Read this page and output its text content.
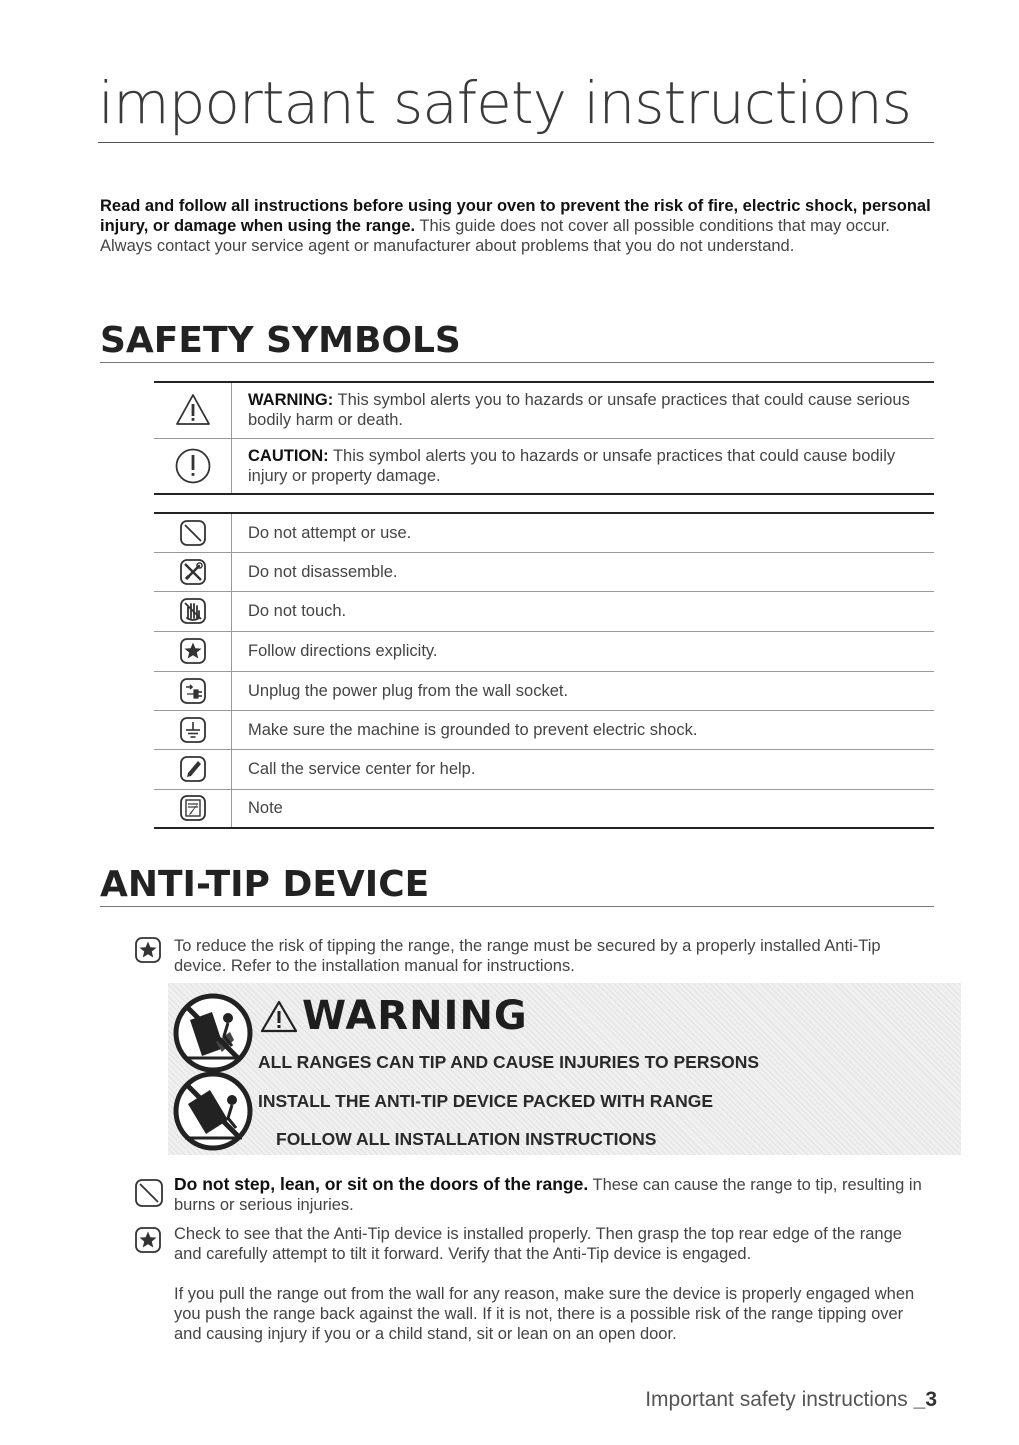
important safety instructions
Read and follow all instructions before using your oven to prevent the risk of fire, electric shock, personal injury, or damage when using the range. This guide does not cover all possible conditions that may occur. Always contact your service agent or manufacturer about problems that you do not understand.
SAFETY SYMBOLS
	WARNING: This symbol alerts you to hazards or unsafe practices that could cause serious bodily harm or death.

	CAUTION: This symbol alerts you to hazards or unsafe practices that could cause bodily injury or property damage.
	Do not attempt or use.

	Do not disassemble.

	Do not touch.

	Follow directions explicity.

	Unplug the power plug from the wall socket.

	Make sure the machine is grounded to prevent electric shock.

	Call the service center for help.

	Note
ANTI-TIP DEVICE
To reduce the risk of tipping the range, the range must be secured by a properly installed Anti-Tip device. Refer to the installation manual for instructions.
WARNING
ALL RANGES CAN TIP AND CAUSE INJURIES TO PERSONS
INSTALL THE ANTI-TIP DEVICE PACKED WITH RANGE
FOLLOW ALL INSTALLATION INSTRUCTIONS
Do not step, lean, or sit on the doors of the range. These can cause the range to tip, resulting in burns or serious injuries.
Check to see that the Anti-Tip device is installed properly. Then grasp the top rear edge of the range and carefully attempt to tilt it forward. Verify that the Anti-Tip device is engaged.
If you pull the range out from the wall for any reason, make sure the device is properly engaged when you push the range back against the wall. If it is not, there is a possible risk of the range tipping over and causing injury if you or a child stand, sit or lean on an open door.
Important safety instructions _3
